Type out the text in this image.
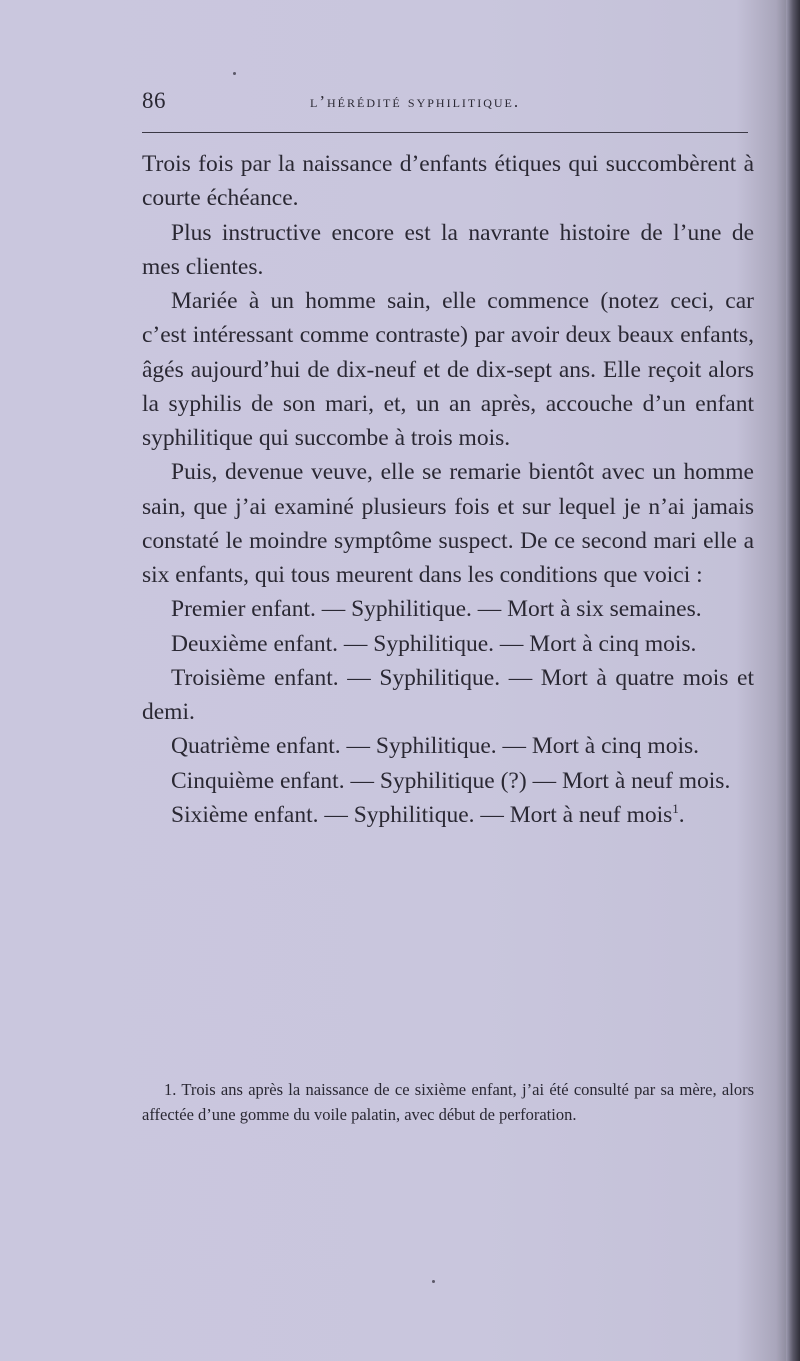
86	l’hérédité syphilitique.

Trois fois par la naissance d’enfants étiques qui succombèrent à courte échéance.

Plus instructive encore est la navrante histoire de l’une de mes clientes.

Mariée à un homme sain, elle commence (notez ceci, car c’est intéressant comme contraste) par avoir deux beaux enfants, âgés aujourd’hui de dix-neuf et de dix-sept ans. Elle reçoit alors la syphilis de son mari, et, un an après, accouche d’un enfant syphilitique qui succombe à trois mois.

Puis, devenue veuve, elle se remarie bientôt avec un homme sain, que j’ai examiné plusieurs fois et sur lequel je n’ai jamais constaté le moindre symptôme suspect. De ce second mari elle a six enfants, qui tous meurent dans les conditions que voici :

Premier enfant. — Syphilitique. — Mort à six semaines.

Deuxième enfant. — Syphilitique. — Mort à cinq mois.

Troisième enfant. — Syphilitique. — Mort à quatre mois et demi.

Quatrième enfant. — Syphilitique. — Mort à cinq mois.

Cinquième enfant. — Syphilitique (?) — Mort à neuf mois.

Sixième enfant. — Syphilitique. — Mort à neuf mois$^1$.

1. Trois ans après la naissance de ce sixième enfant, j’ai été consulté par sa mère, alors affectée d’une gomme du voile palatin, avec début de perforation.
